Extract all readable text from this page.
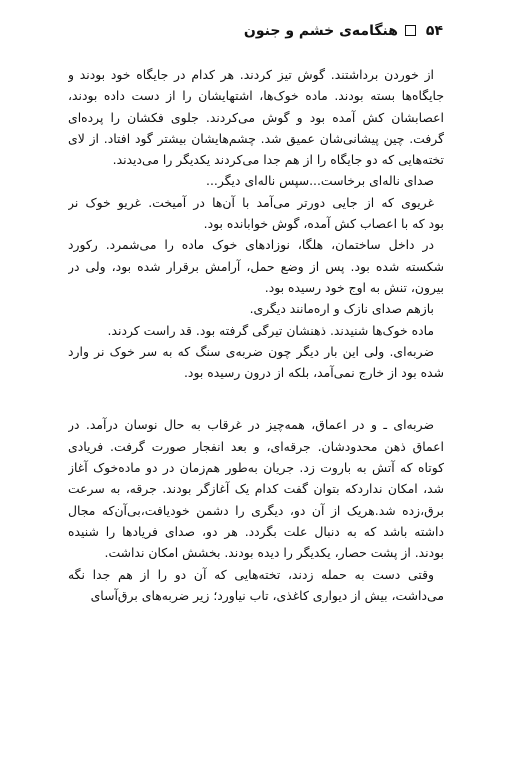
۵۴هنگامه‌ی خشم و جنون
از خوردن برداشتند. گوش تیز کردند. هر کدام در جایگاه خود بودند و
جایگاه‌ها بسته بودند. ماده خوک‌ها، اشتهایشان را از دست داده بودند،
اعصابشان کش آمده بود و گوش می‌کردند. جلوی فکشان را پرده‌ای
گرفت. چین پیشانی‌شان عمیق شد. چشم‌هایشان بیشتر گود افتاد. از لای
تخته‌هایی که دو جایگاه را از هم جدا می‌کردند یکدیگر را می‌دیدند.
صدای ناله‌ای برخاست...سپس ناله‌ای دیگر...
غریوی که از جایی دورتر می‌آمد با آن‌ها در آمیخت. غریو خوک نر
بود که با اعصاب کش آمده، گوش خوابانده بود.
در داخل ساختمان، هلگا، نوزادهای خوک ماده را می‌شمرد. رکورد
شکسته شده بود. پس از وضع حمل، آرامش برقرار شده بود، ولی در
بیرون، تنش به اوج خود رسیده بود.
بازهم صدای نازک و اره‌مانند دیگری.
ماده خوک‌ها شنیدند. ذهنشان تیرگی گرفته بود. قد راست کردند.
ضربه‌ای. ولی این بار دیگر چون ضربه‌ی سنگ که به سر خوک نر وارد
شده بود از خارج نمی‌آمد، بلکه از درون رسیده بود.
ضربه‌ای ـ و در اعماق، همه‌چیز در غرقاب به حال نوسان درآمد. در
اعماق ذهن محدودشان. جرقه‌ای، و بعد انفجار صورت گرفت. فریادی
کوتاه که آتش به باروت زد. جریان به‌طور هم‌زمان در دو ماده‌خوک آغاز
شد، امکان نداردکه بتوان گفت کدام یک آغازگر بودند. جرقه، به سرعت
برق،زده شد.هریک از آن دو، دیگری را دشمن خودیافت،بی‌آن‌که مجال
داشته باشد که به دنبال علت بگردد. هر دو، صدای فریادها را شنیده
بودند. از پشت حصار، یکدیگر را دیده بودند. بخشش امکان نداشت.
وقتی دست به حمله زدند، تخته‌هایی که آن دو را از هم جدا نگه
می‌داشت، بیش از دیواری کاغذی، تاب نیاورد؛ زیر ضربه‌های برق‌آسای
